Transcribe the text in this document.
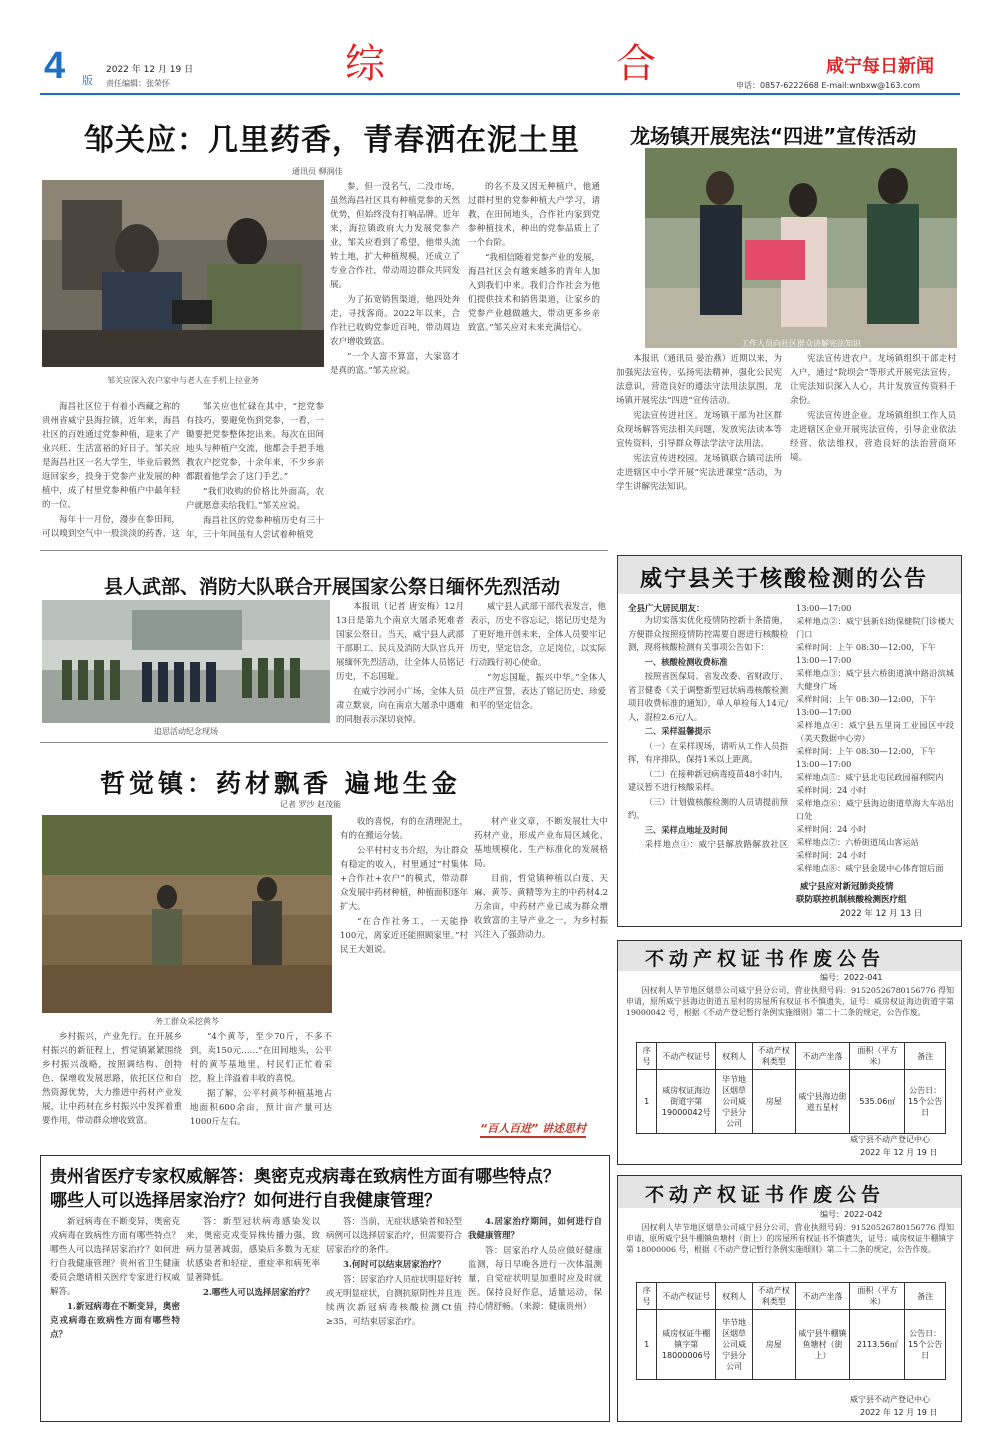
4 版
2022 年 12 月 19 日
责任编辑：张荣怀	综	合	咸宁每日新闻
申话：0857-6222668 E-mail:wnbxw@163.com
邹关应：几里药香，青春洒在泥土里
通讯员 柳润佳
邹关应深入农户家中与老人在手机上拉业务

海昌社区位于有着小西藏之称的贵州省威宁县海拉镇，近年来，海昌社区的百姓通过党参种植，迎来了产业兴旺、生活富裕的好日子。邹关应是海昌社区一名大学生，毕业后毅然返回家乡，投身于党参产业发展的种植中，成了村里党参种植户中最年轻的一位。

每年十一月份，漫步在参田间，可以嗅到空气中一股淡淡的药香，这

邹关应也忙碌在其中，“挖党参有技巧，要避免伤到党参，一看，一锄要把党参整体挖出来。每次在田间地头与种植户交流，他都会手把手地教农户挖党参，十余年来，不少乡亲都跟着他学会了这门手艺。”

“我们收购的价格比外面高，农户就愿意卖给我们。”邹关应说。

海昌社区的党参种植历史有三十年，三十年间虽有人尝试着种植党

参，但一没名气，二没市场，虽然海昌社区具有种植党参的天然优势，但始终没有打响品牌。近年来，海拉镇政府大力发展党参产业，邹关应看到了希望，他带头流转土地，扩大种植规模，还成立了专业合作社，带动周边群众共同发展。

为了拓宽销售渠道，他四处奔走，寻找客商。2022年以来，合作社已收购党参近百吨，带动周边农户增收致富。

“一个人富不算富，大家富才是真的富。”邹关应说。

的名不及又因无种植户，他通过群村里的党参种植大户学习，请教，在田间地头，合作社内家到党参种植技术，种出的党参品质上了一个台阶。

“我相信随着党参产业的发展，海昌社区会有越来越多的青年人加入到我们中来。我们合作社会为他们提供技术和销售渠道，让家乡的党参产业越做越大，带动更多乡亲致富。”邹关应对未来充满信心。

龙场镇开展宪法“四进”宣传活动
工作人员向社区群众讲解宪法知识

本报讯（通讯员 晏治燕）近期以来，为加强宪法宣传，弘扬宪法精神，强化公民宪法意识，营造良好的遵法守法用法氛围，龙场镇开展宪法“四进”宣传活动。

宪法宣传进社区。龙场镇干部为社区群众现场解答宪法相关问题，发放宪法读本等宣传资料，引导群众尊法学法守法用法。

宪法宣传进校园。龙场镇联合镇司法所走进辖区中小学开展“宪法进课堂”活动，为学生讲解宪法知识。

宪法宣传进农户。龙场镇组织干部走村入户，通过“院坝会”等形式开展宪法宣传，让宪法知识深入人心，共计发放宣传资料千余份。

宪法宣传进企业。龙场镇组织工作人员走进辖区企业开展宪法宣传，引导企业依法经营、依法维权，营造良好的法治营商环境。

县人武部、消防大队联合开展国家公祭日缅怀先烈活动
追思活动纪念现场

本报讯（记者 唐安梅）12月13日是第九个南京大屠杀死难者国家公祭日。当天，威宁县人武部干部职工、民兵及消防大队官兵开展缅怀先烈活动，让全体人员铭记历史，不忘国耻。

在威宁沙河小广场，全体人员肃立默哀，向在南京大屠杀中遇难的同胞表示深切哀悼。

威宁县人武部干部代表发言，他表示，历史不容忘记，铭记历史是为了更好地开创未来，全体人员要牢记历史，坚定信念，立足岗位，以实际行动践行初心使命。

“勿忘国耻，振兴中华。”全体人员庄严宣誓，表达了铭记历史、珍爱和平的坚定信念。

哲觉镇：药材飘香 遍地生金
记者 罗沙 赵茂能
务工群众采挖黄芩

乡村振兴，产业先行。在开展乡村振兴的新征程上，哲觉镇紧紧围绕乡村振兴战略，按照调结构、创特色、保增收发展思路，依托区位和自然资源优势，大力推进中药材产业发展，让中药材在乡村振兴中发挥着重要作用，带动群众增收致富。

“4个黄芩，至少70斤，不多不到，卖150元……”在田间地头，公平村的黄芩基地里，村民们正忙着采挖，脸上洋溢着丰收的喜悦。

据了解，公平村黄芩种植基地占地面积600余亩，预计亩产量可达1000斤左右。

收的喜悦，有的在清理泥土，有的在搬运分装。

公平村村支书介绍，为让群众有稳定的收入，村里通过“村集体+合作社+农户”的模式，带动群众发展中药材种植，种植面积逐年扩大。

“在合作社务工，一天能挣100元，离家近还能照顾家里。”村民王大姐说。

材产业文章，不断发展壮大中药材产业，形成产业布局区域化、基地规模化、生产标准化的发展格局。

目前，哲觉镇种植以白芨、天麻、黄芩、黄精等为主的中药材4.2万余亩，中药材产业已成为群众增收致富的主导产业之一，为乡村振兴注入了强劲动力。

“百人百进” 讲述思村
贵州省医疗专家权威解答：奥密克戎病毒在致病性方面有哪些特点？
哪些人可以选择居家治疗？如何进行自我健康管理？

新冠病毒在不断变异，奥密克戎病毒在致病性方面有哪些特点？哪些人可以选择居家治疗？如何进行自我健康管理？贵州省卫生健康委员会邀请相关医疗专家进行权威解答。

1.新冠病毒在不断变异，奥密克戎病毒在致病性方面有哪些特点？

答：新型冠状病毒感染发以来，奥密克戎变异株传播力强，致病力显著减弱，感染后多数为无症状感染者和轻症，重症率和病死率显著降低。

2.哪些人可以选择居家治疗？

答：当前，无症状感染者和轻型病例可以选择居家治疗，但需要符合居家治疗的条件。

3.何时可以结束居家治疗？

答：居家治疗人员症状明显好转或无明显症状，自测抗原阴性并且连续两次新冠病毒核酸检测Ct值≥35，可结束居家治疗。

4.居家治疗期间，如何进行自我健康管理？

答：居家治疗人员应做好健康监测，每日早晚各进行一次体温测量，自觉症状明显加重时应及时就医。保持良好作息，适量运动，保持心情舒畅。（来源：健康贵州）

威宁县关于核酸检测的公告
全县广大居民朋友：

为切实落实优化疫情防控新十条措施，方便群众按照疫情防控需要自愿进行核酸检测，现将核酸检测有关事项公告如下：

一、核酸检测收费标准

按照省医保局、省发改委、省财政厅、省卫健委《关于调整新型冠状病毒核酸检测项目收费标准的通知》，单人单检每人14元/人，混检2.6元/人。

二、采样温馨提示

（一）在采样现场，请听从工作人员指挥，有序排队，保持1米以上距离。

（二）在接种新冠病毒疫苗48小时内，建议暂不进行核酸采样。

（三）计划做核酸检测的人员请提前预约。

三、采样点地址及时间

采样地点①：威宁县解放路解放社区

13:00—17:00
采样地点②：威宁县新妇幼保健院门诊楼大门口
采样时间：上午 08:30—12:00，下午
13:00—17:00
采样地点③：威宁县六桥街道滇中路沿滨城大健身广场
采样时间：上午 08:30—12:00，下午
13:00—17:00
采样地点④：威宁县五里岗工业园区中段（美天数据中心旁）
采样时间：上午 08:30—12:00，下午
13:00—17:00
采样地点⑤：威宁县北屯民政园福利院内
采样时间：24 小时
采样地点⑥：威宁县海边街道草海大车站出口处
采样时间：24 小时
采样地点⑦：六桥街道凤山客运站
采样时间：24 小时
采样地点⑧：威宁县金晟中心体育馆后面
威宁县应对新冠肺炎疫情
联防联控机制核酸检测医疗组
2022 年 12 月 13 日
不动产权证书作废公告
编号：2022-041
因权利人毕节地区烟草公司威宁县分公司，营业执照号码：91520526780156776 得知申请，原所威宁县海边街道五星村的房屋所有权证书不慎遗失，证号：威房权证海边街道字第 19000042 号，根据《不动产登记暂行条例实施细则》第二十二条的规定，公告作废。
序号	不动产权证号	权利人	不动产权利类型	不动产坐落	面积（平方米）	备注
1	威房权证海边街道字第19000042号	毕节地区烟草公司威宁县分公司	房屋	威宁县海边街道五星村	535.06㎡	公告日：15个公告日
威宁县不动产登记中心
2022 年 12 月 19 日
不动产权证书作废公告
编号：2022-042
因权利人毕节地区烟草公司威宁县分公司，营业执照号码：91520526780156776 得知申请，原所威宁县牛棚镇鱼塘村（街上）的房屋所有权证书不慎遗失，证号：威房权证牛棚镇字第 18000006 号，根据《不动产登记暂行条例实施细则》第二十二条的规定，公告作废。
序号	不动产权证号	权利人	不动产权利类型	不动产坐落	面积（平方米）	备注
1	威房权证牛棚镇字第18000006号	毕节地区烟草公司威宁县分公司	房屋	威宁县牛棚镇鱼塘村（街上）	2113.56㎡	公告日：15个公告日
威宁县不动产登记中心
2022 年 12 月 19 日
